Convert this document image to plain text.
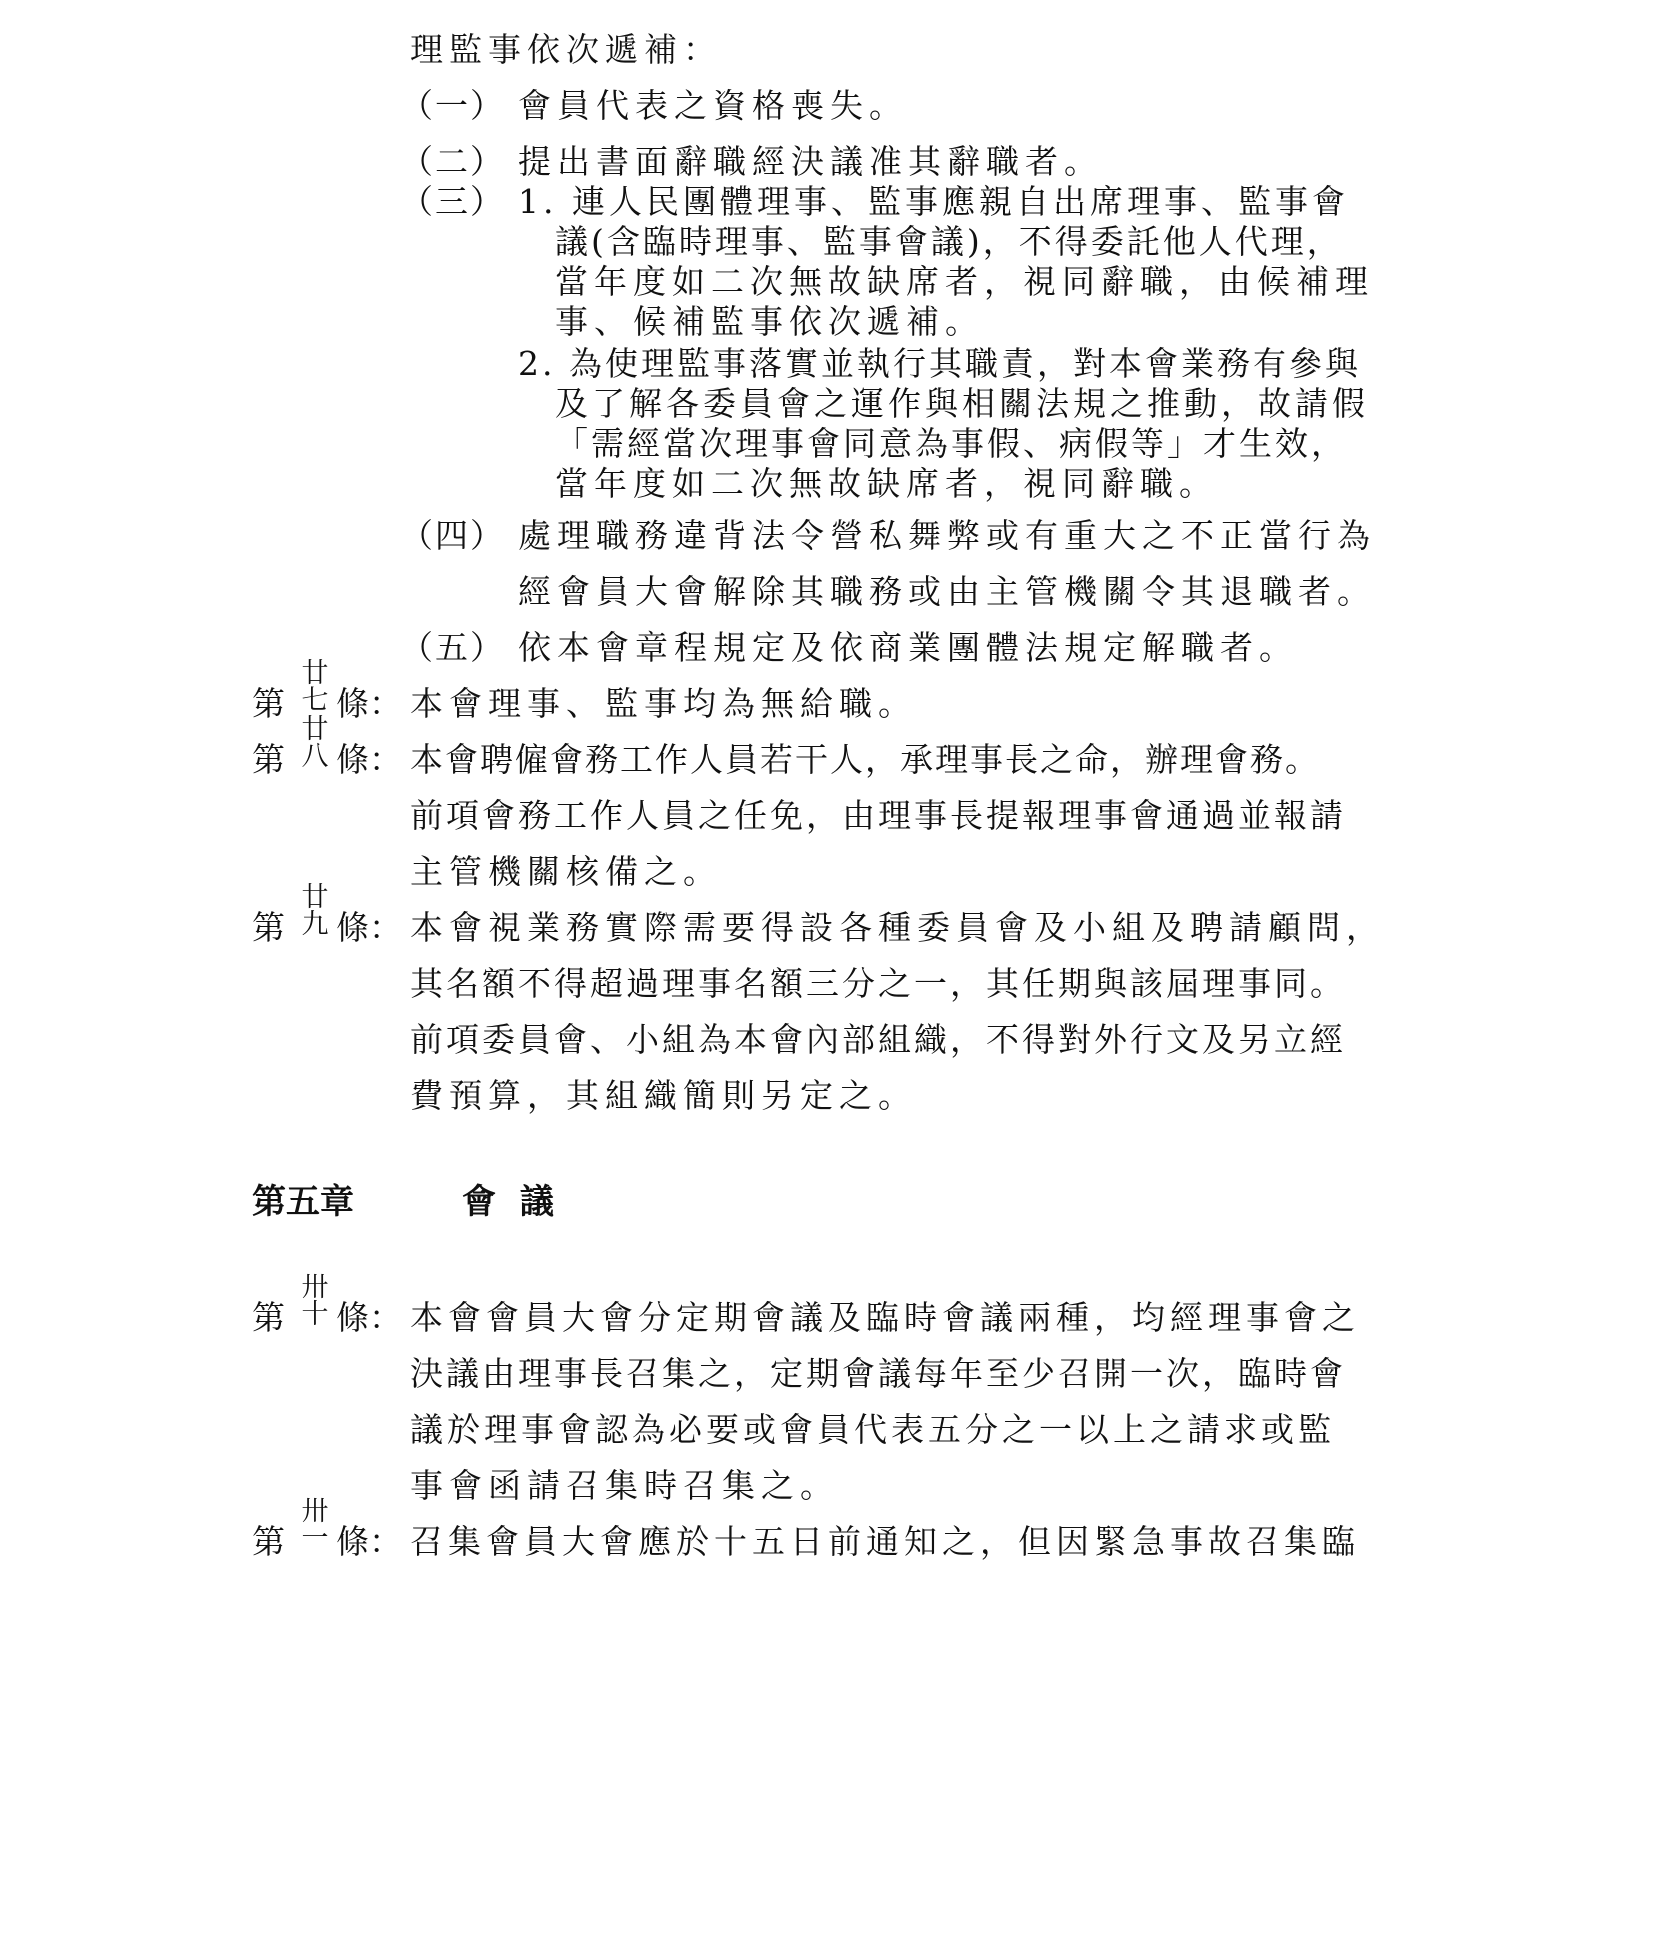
理監事依次遞補：
（一） 會員代表之資格喪失。
（二） 提出書面辭職經決議准其辭職者。
（三） 1. 連人民團體理事、監事應親自出席理事、監事會
議(含臨時理事、監事會議)，不得委託他人代理，
當年度如二次無故缺席者，視同辭職，由候補理
事、候補監事依次遞補。
2. 為使理監事落實並執行其職責，對本會業務有參與
及了解各委員會之運作與相關法規之推動，故請假
「需經當次理事會同意為事假、病假等」才生效，
當年度如二次無故缺席者，視同辭職。
（四） 處理職務違背法令營私舞弊或有重大之不正當行為
經會員大會解除其職務或由主管機關令其退職者。
（五） 依本會章程規定及依商業團體法規定解職者。
第
廿
七 條： 本會理事、監事均為無給職。
第
廿
八 條： 本會聘僱會務工作人員若干人，承理事長之命，辦理會務。
前項會務工作人員之任免，由理事長提報理事會通過並報請
主管機關核備之。
第
廿
九 條： 本會視業務實際需要得設各種委員會及小組及聘請顧問，
其名額不得超過理事名額三分之一，其任期與該屆理事同。
前項委員會、小組為本會內部組織，不得對外行文及另立經
費預算，其組織簡則另定之。
第五章	會 議
第
卅
十 條： 本會會員大會分定期會議及臨時會議兩種，均經理事會之
決議由理事長召集之，定期會議每年至少召開一次，臨時會
議於理事會認為必要或會員代表五分之一以上之請求或監
事會函請召集時召集之。
第
卅
一 條： 召集會員大會應於十五日前通知之，但因緊急事故召集臨
